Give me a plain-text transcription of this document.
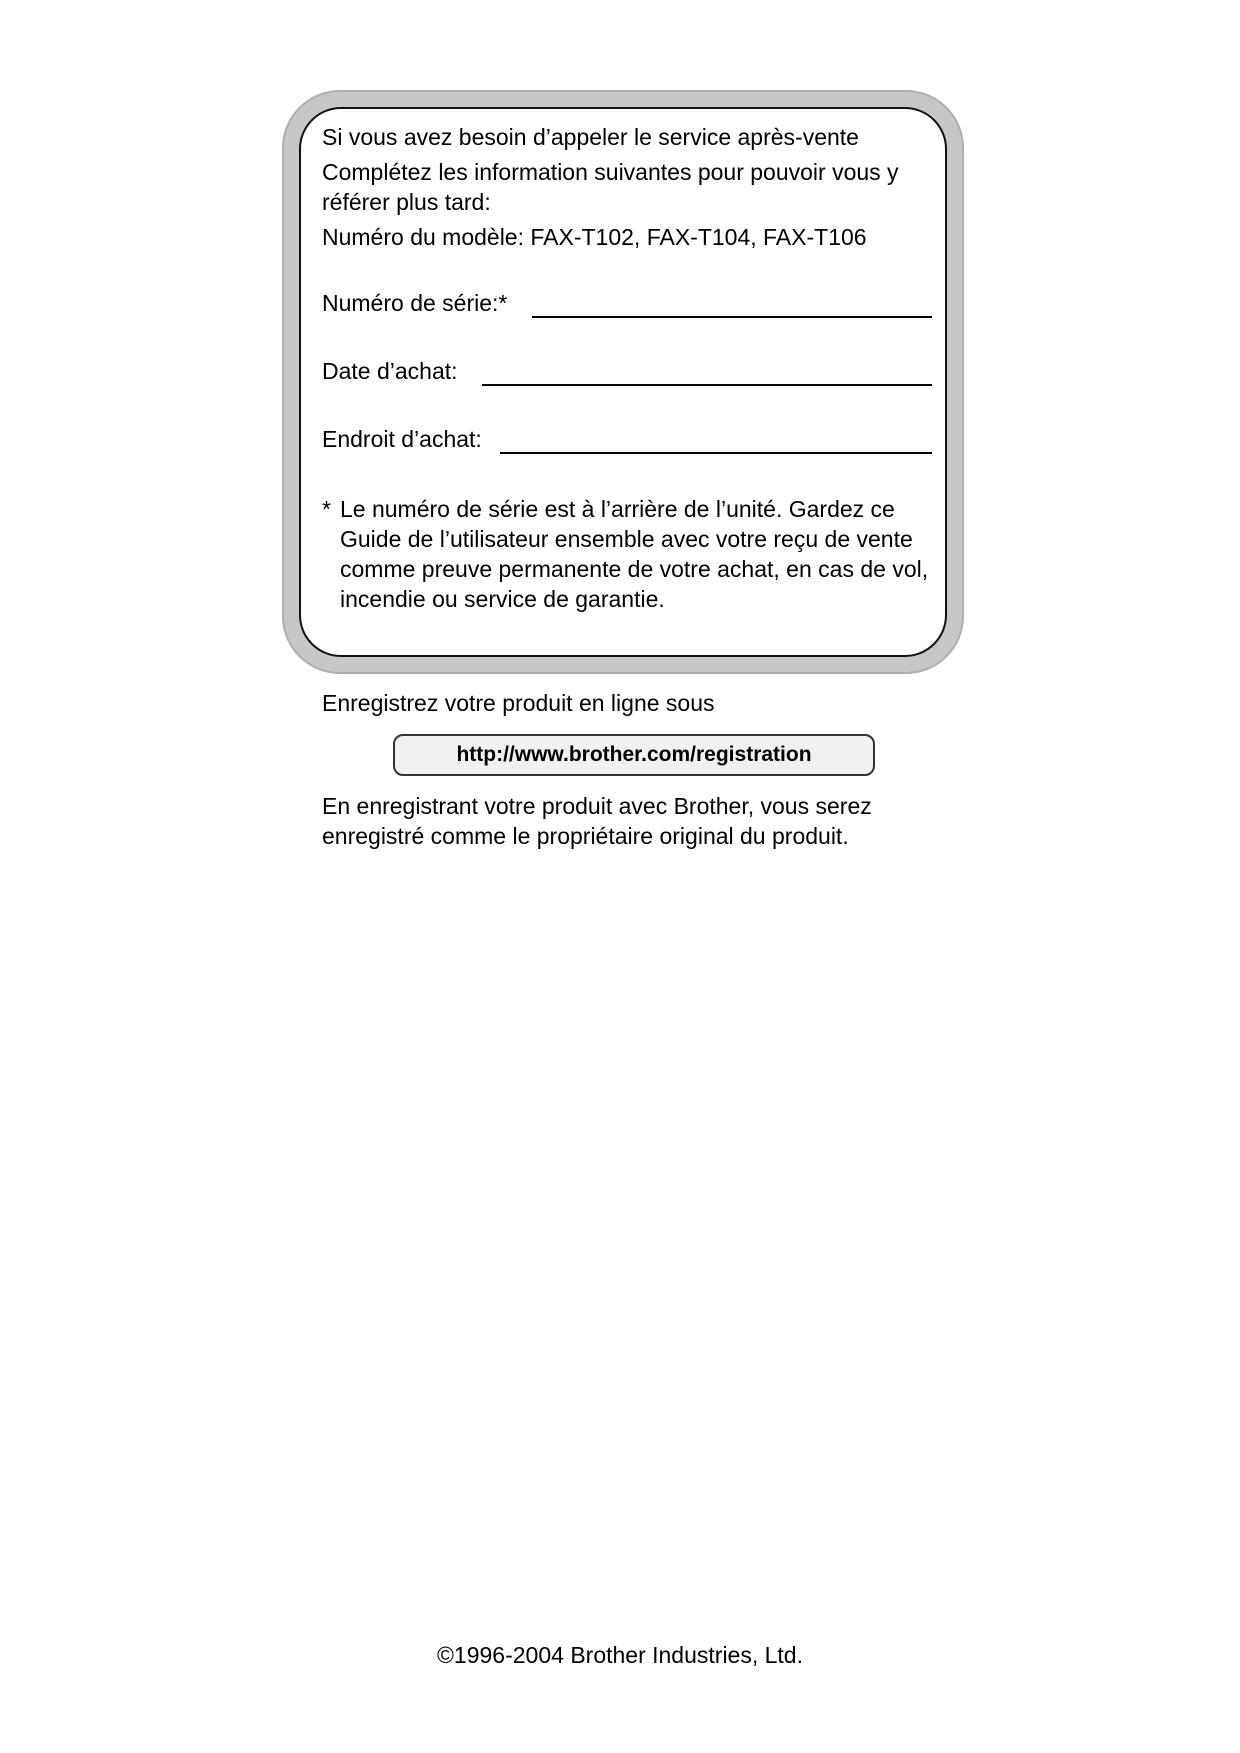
Si vous avez besoin d’appeler le service après-vente
Complétez les information suivantes pour pouvoir vous y
référer plus tard:
Numéro du modèle: FAX-T102, FAX-T104, FAX-T106
Numéro de série:*
Date d’achat:
Endroit d’achat:
* Le numéro de série est à l’arrière de l’unité. Gardez ce Guide de l’utilisateur ensemble avec votre reçu de vente comme preuve permanente de votre achat, en cas de vol, incendie ou service de garantie.
Enregistrez votre produit en ligne sous
http://www.brother.com/registration
En enregistrant votre produit avec Brother, vous serez
enregistré comme le propriétaire original du produit.
©1996-2004 Brother Industries, Ltd.
